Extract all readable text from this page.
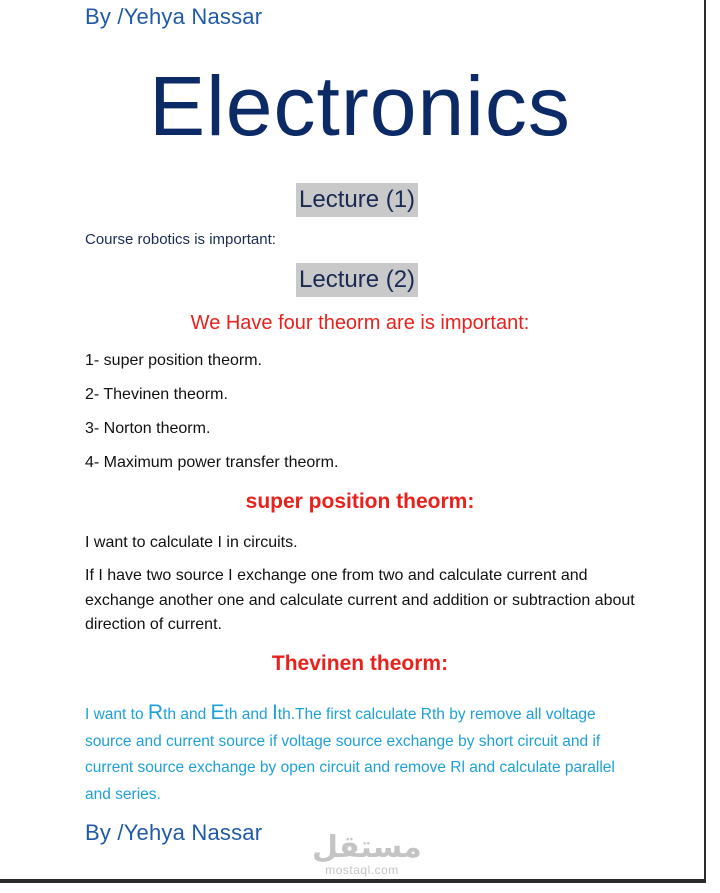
By /Yehya Nassar
Electronics
Lecture (1)
Course robotics is important:
Lecture (2)
We Have four theorm are is important:
1- super position theorm.
2- Thevinen theorm.
3- Norton theorm.
4- Maximum power transfer theorm.
super position theorm:
I want to calculate I in circuits.
If I have two source I exchange one from two and calculate current and exchange another one and calculate current and addition or subtraction about direction of current.
Thevinen theorm:
I want to Rth and Eth and Ith.The first calculate Rth by remove all voltage source and current source if voltage source exchange by short circuit and if current source exchange by open circuit and remove Rl and calculate parallel and series.
By /Yehya Nassar مستقل
mostaql.com
